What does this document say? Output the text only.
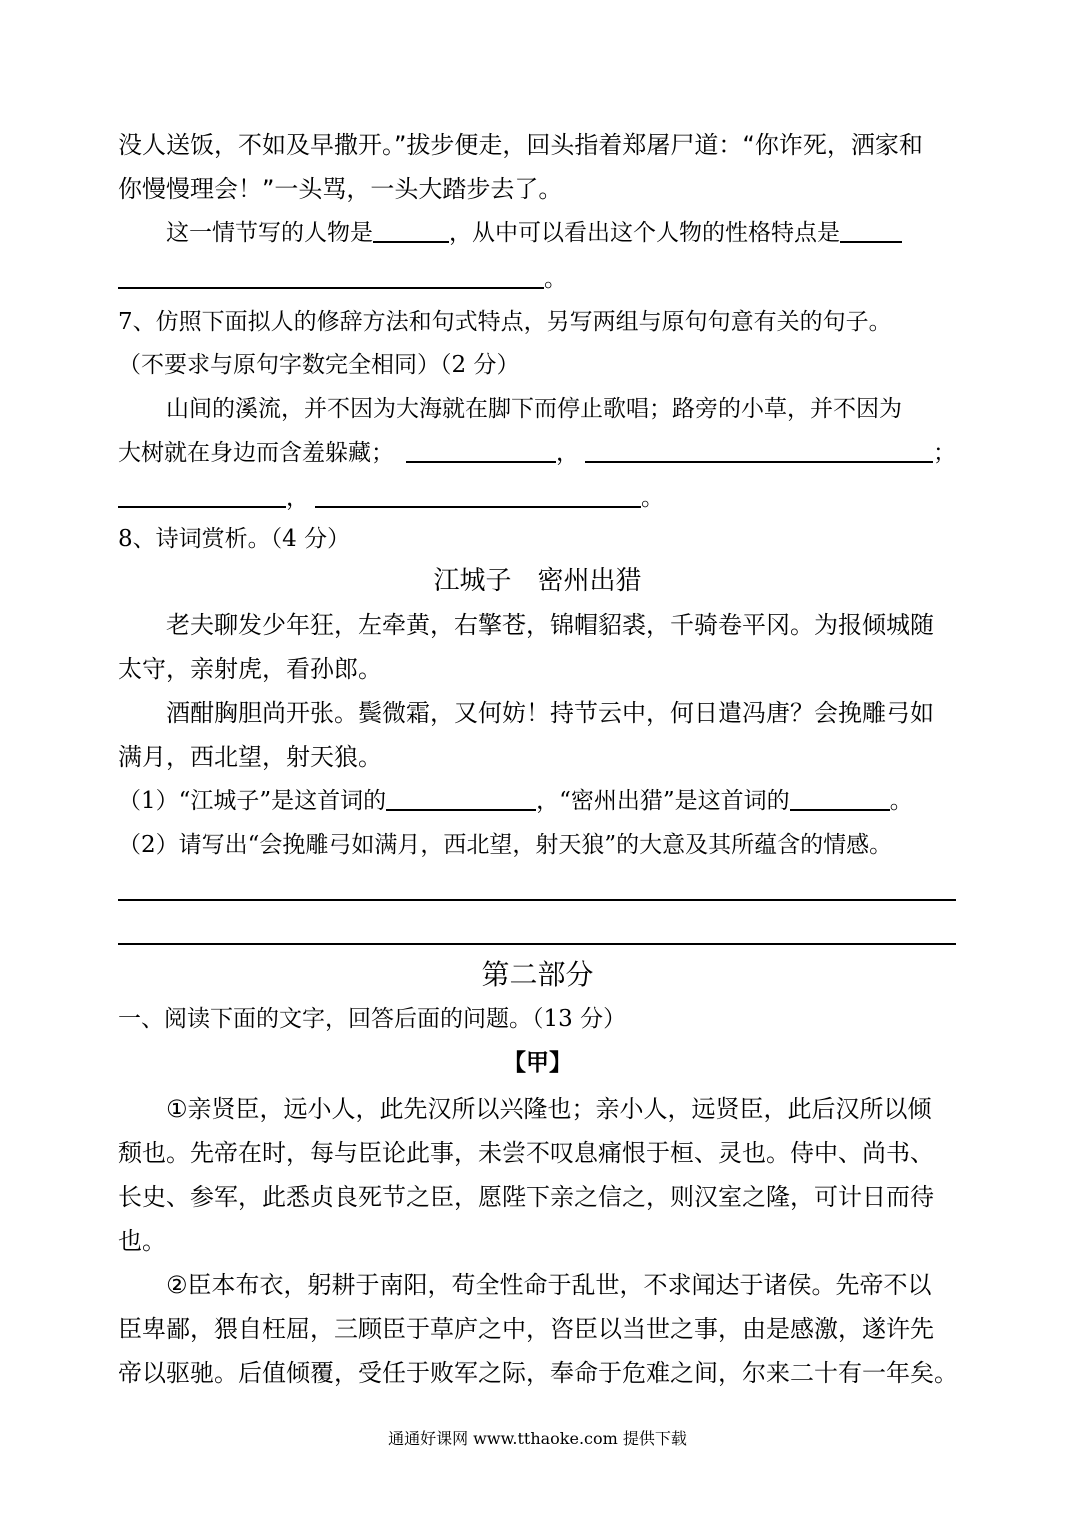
没人送饭，不如及早撒开。”拔步便走，回头指着郑屠尸道：“你诈死，洒家和
你慢慢理会！”一头骂，一头大踏步去了。
这一情节写的人物是	，从中可以看出这个人物的性格特点是
。
7、仿照下面拟人的修辞方法和句式特点，另写两组与原句句意有关的句子。
（不要求与原句字数完全相同）（2 分）
山间的溪流，并不因为大海就在脚下而停止歌唱；路旁的小草，并不因为
大树就在身边而含羞躲藏；	，	；
，	。
8、诗词赏析。（4 分）
江城子　密州出猎
老夫聊发少年狂，左牵黄，右擎苍，锦帽貂裘，千骑卷平冈。为报倾城随
太守，亲射虎，看孙郎。
酒酣胸胆尚开张。鬓微霜，又何妨！持节云中，何日遣冯唐？会挽雕弓如
满月，西北望，射天狼。
（1）“江城子”是这首词的	，“密州出猎”是这首词的	。
（2）请写出“会挽雕弓如满月，西北望，射天狼”的大意及其所蕴含的情感。
第二部分
一、阅读下面的文字，回答后面的问题。（13 分）
【甲】
①亲贤臣，远小人，此先汉所以兴隆也；亲小人，远贤臣，此后汉所以倾
颓也。先帝在时，每与臣论此事，未尝不叹息痛恨于桓、灵也。侍中、尚书、
长史、参军，此悉贞良死节之臣，愿陛下亲之信之，则汉室之隆，可计日而待
也。
②臣本布衣，躬耕于南阳，苟全性命于乱世，不求闻达于诸侯。先帝不以
臣卑鄙，猥自枉屈，三顾臣于草庐之中，咨臣以当世之事，由是感激，遂许先
帝以驱驰。后值倾覆，受任于败军之际，奉命于危难之间，尔来二十有一年矣。
通通好课网 www.tthaoke.com 提供下载
